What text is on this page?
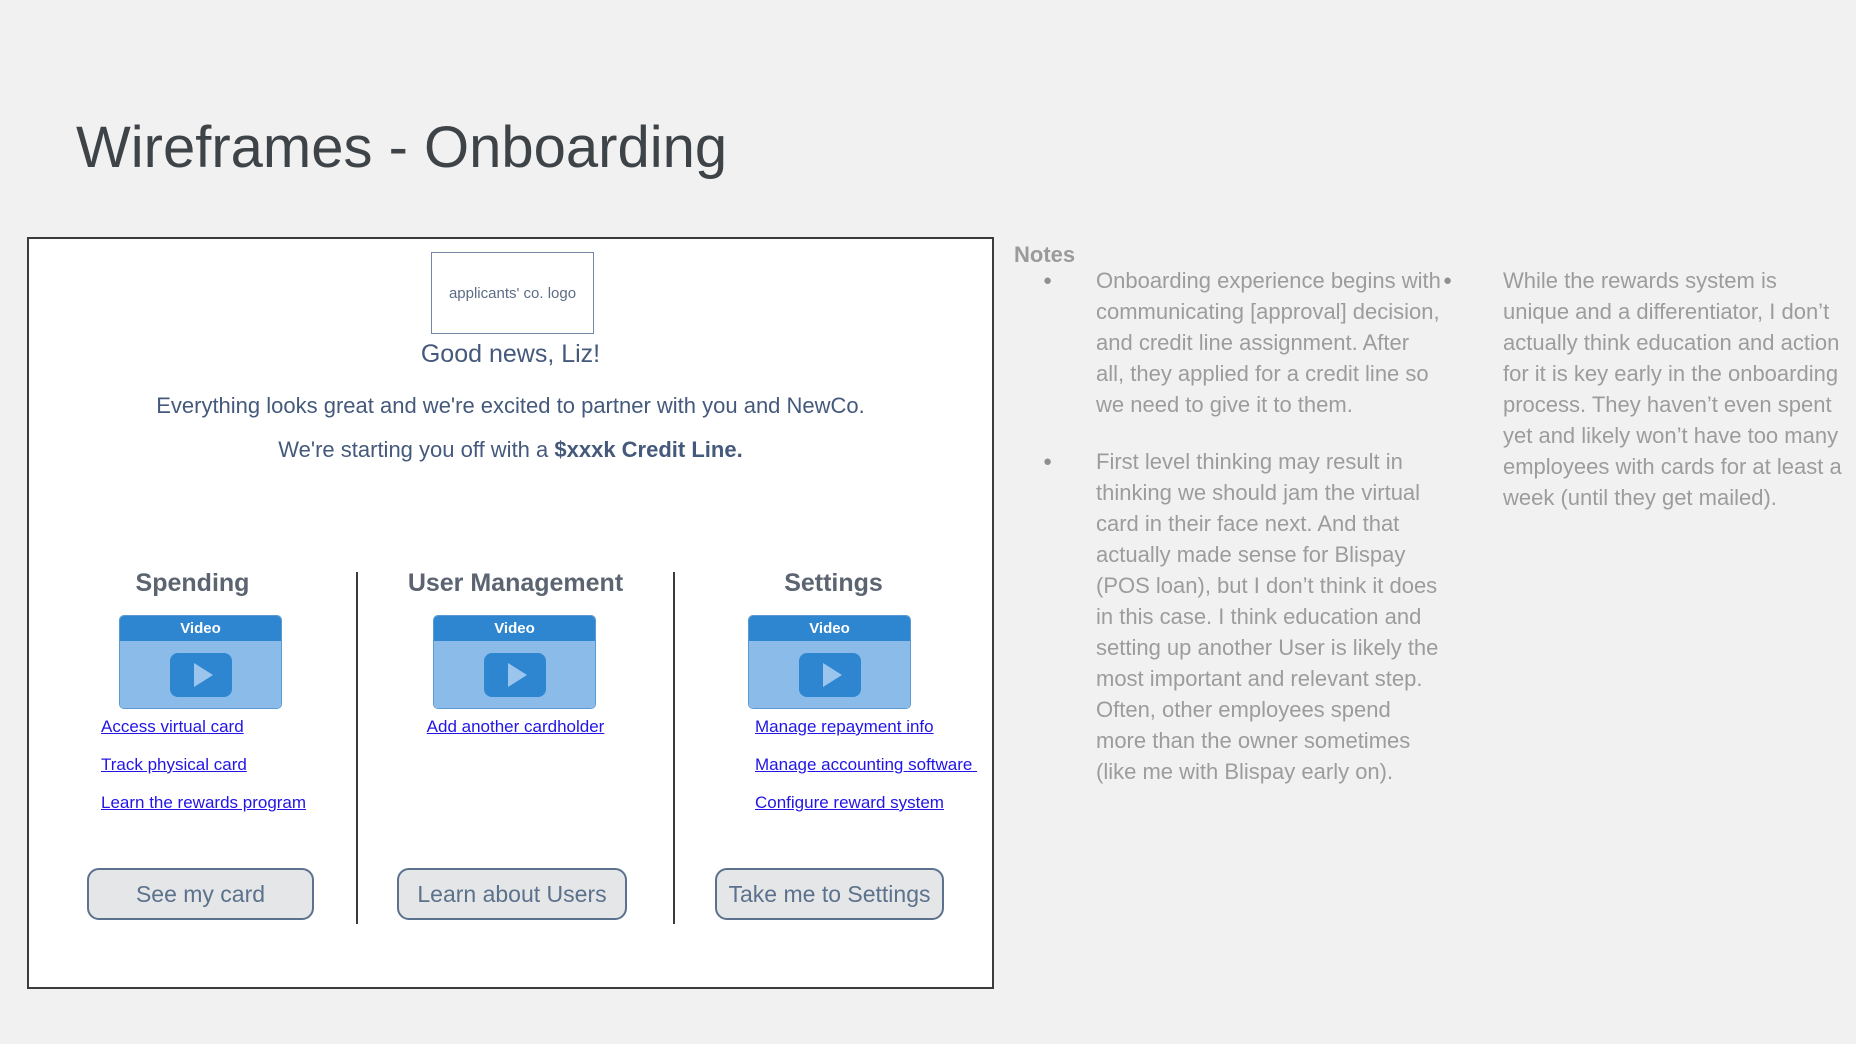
Wireframes - Onboarding
applicants' co. logo
Good news, Liz!
Everything looks great and we're excited to partner with you and NewCo.
We're starting you off with a $xxxk Credit Line.
Spending	User Management	Settings
Video	Video	Video
Access virtual card
Track physical card
Learn the rewards program
Add another cardholder	Manage repayment info
Manage accounting software
Configure reward system
See my card	Learn about Users	Take me to Settings
Notes
●	Onboarding experience begins with communicating [approval] decision, and credit line assignment. After all, they applied for a credit line so we need to give it to them.
●	First level thinking may result in thinking we should jam the virtual card in their face next. And that actually made sense for Blispay (POS loan), but I don’t think it does in this case. I think education and setting up another User is likely the most important and relevant step. Often, other employees spend more than the owner sometimes (like me with Blispay early on).
●	While the rewards system is unique and a differentiator, I don’t actually think education and action for it is key early in the onboarding process. They haven’t even spent yet and likely won’t have too many employees with cards for at least a week (until they get mailed).
